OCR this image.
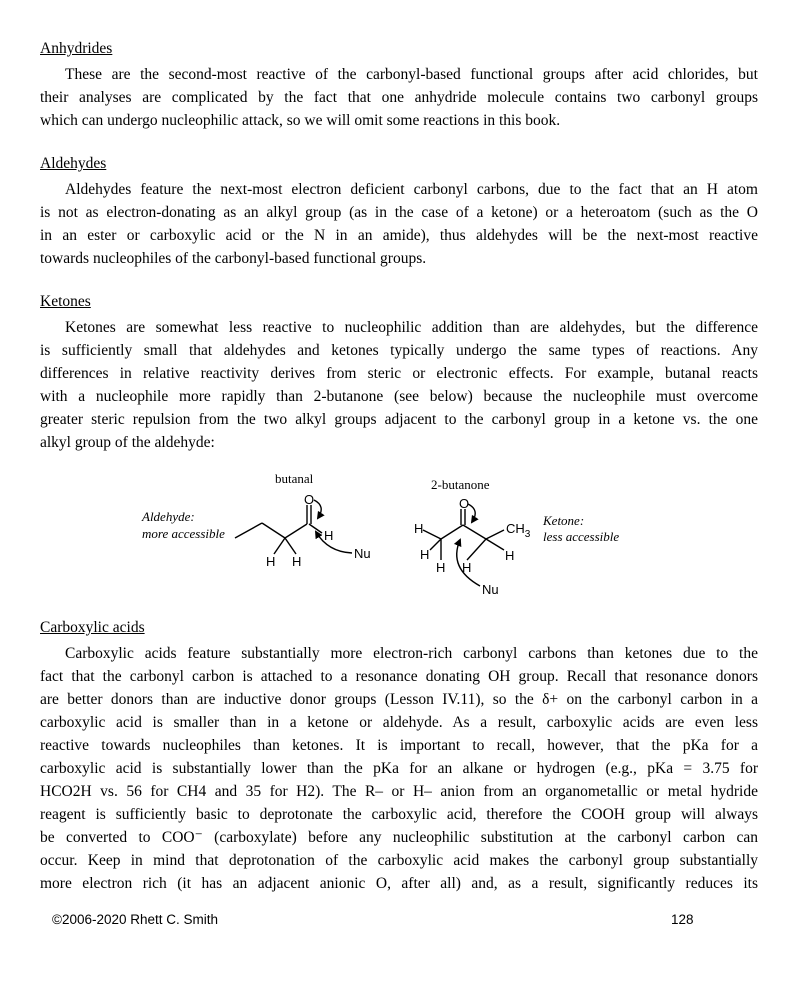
Anhydrides
These are the second-most reactive of the carbonyl-based functional groups after acid chlorides, but
their analyses are complicated by the fact that one anhydride molecule contains two carbonyl groups
which can undergo nucleophilic attack, so we will omit some reactions in this book.
Aldehydes
Aldehydes feature the next-most electron deficient carbonyl carbons, due to the fact that an H atom
is not as electron-donating as an alkyl group (as in the case of a ketone) or a heteroatom (such as the O
in an ester or carboxylic acid or the N in an amide), thus aldehydes will be the next-most reactive
towards nucleophiles of the carbonyl-based functional groups.
Ketones
Ketones are somewhat less reactive to nucleophilic addition than are aldehydes, but the difference
is sufficiently small that aldehydes and ketones typically undergo the same types of reactions. Any
differences in relative reactivity derives from steric or electronic effects. For example, butanal reacts
with a nucleophile more rapidly than 2-butanone (see below) because the nucleophile must overcome
greater steric repulsion from the two alkyl groups adjacent to the carbonyl group in a ketone vs. the one
alkyl group of the aldehyde:
butanal
Aldehyde:
more accessible
O
H
H H
Nu
2-butanone
Ketone:
less accessible
O
H
H
H H
H
$CH_3$
Nu
Carboxylic acids
Carboxylic acids feature substantially more electron-rich carbonyl carbons than ketones due to the
fact that the carbonyl carbon is attached to a resonance donating OH group. Recall that resonance donors
are better donors than are inductive donor groups (Lesson IV.11), so the δ+ on the carbonyl carbon in a
carboxylic acid is smaller than in a ketone or aldehyde. As a result, carboxylic acids are even less
reactive towards nucleophiles than ketones. It is important to recall, however, that the pKa for a
carboxylic acid is substantially lower than the pKa for an alkane or hydrogen (e.g., pKa = 3.75 for
HCO2H vs. 56 for CH4 and 35 for H2). The R– or H– anion from an organometallic or metal hydride
reagent is sufficiently basic to deprotonate the carboxylic acid, therefore the COOH group will always
be converted to COO⁻ (carboxylate) before any nucleophilic substitution at the carbonyl carbon can
occur. Keep in mind that deprotonation of the carboxylic acid makes the carbonyl group substantially
more electron rich (it has an adjacent anionic O, after all) and, as a result, significantly reduces its
©2006-2020 Rhett C. Smith	128
